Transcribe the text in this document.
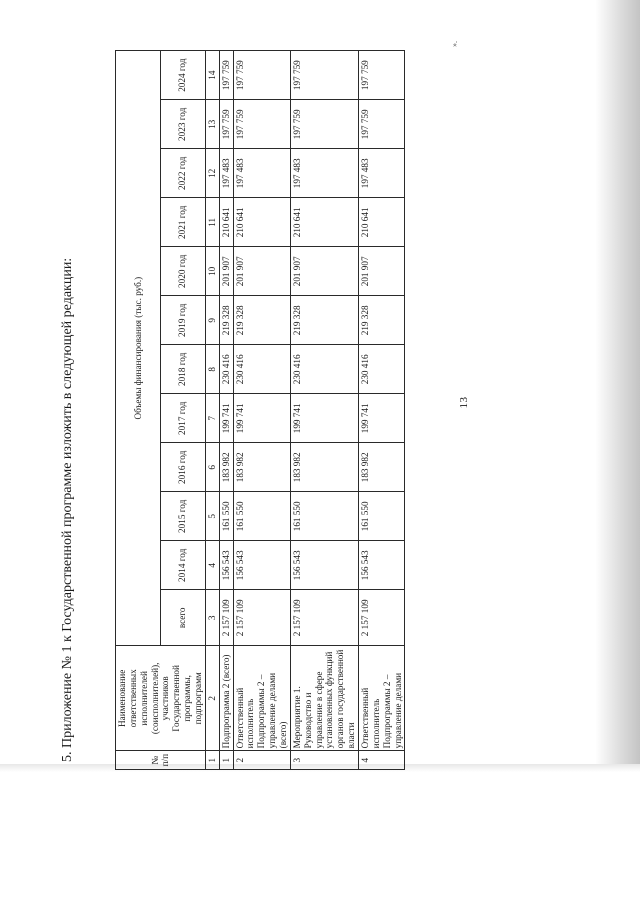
5. Приложение № 1 к Государственной программе изложить в следующей редакции:	№ п/п	Наименование ответственных исполнителей (соисполнителей), участников Государственной программы, подпрограмм	Объемы финансирования (тыс. руб.)											
		всего	2014 год	2015 год	2016 год	2017 год	2018 год	2019 год	2020 год	2021 год	2022 год	2023 год	2024 год
1	2	3	4	5	6	7	8	9	10	11	12	13	14
1	Подпрограмма 2 (всего)	2 157 109	156 543	161 550	183 982	199 741	230 416	219 328	201 907	210 641	197 483	197 759	197 759
2	Ответственный исполнитель Подпрограммы 2 – управление делами (всего)	2 157 109	156 543	161 550	183 982	199 741	230 416	219 328	201 907	210 641	197 483	197 759	197 759
3	Мероприятие 1. Руководство и управление в сфере установленных функций органов государственной власти	2 157 109	156 543	161 550	183 982	199 741	230 416	219 328	201 907	210 641	197 483	197 759	197 759
4	Ответственный исполнитель Подпрограммы 2 – управление делами	2 157 109	156 543	161 550	183 982	199 741	230 416	219 328	201 907	210 641	197 483	197 759	197 759
13
».
